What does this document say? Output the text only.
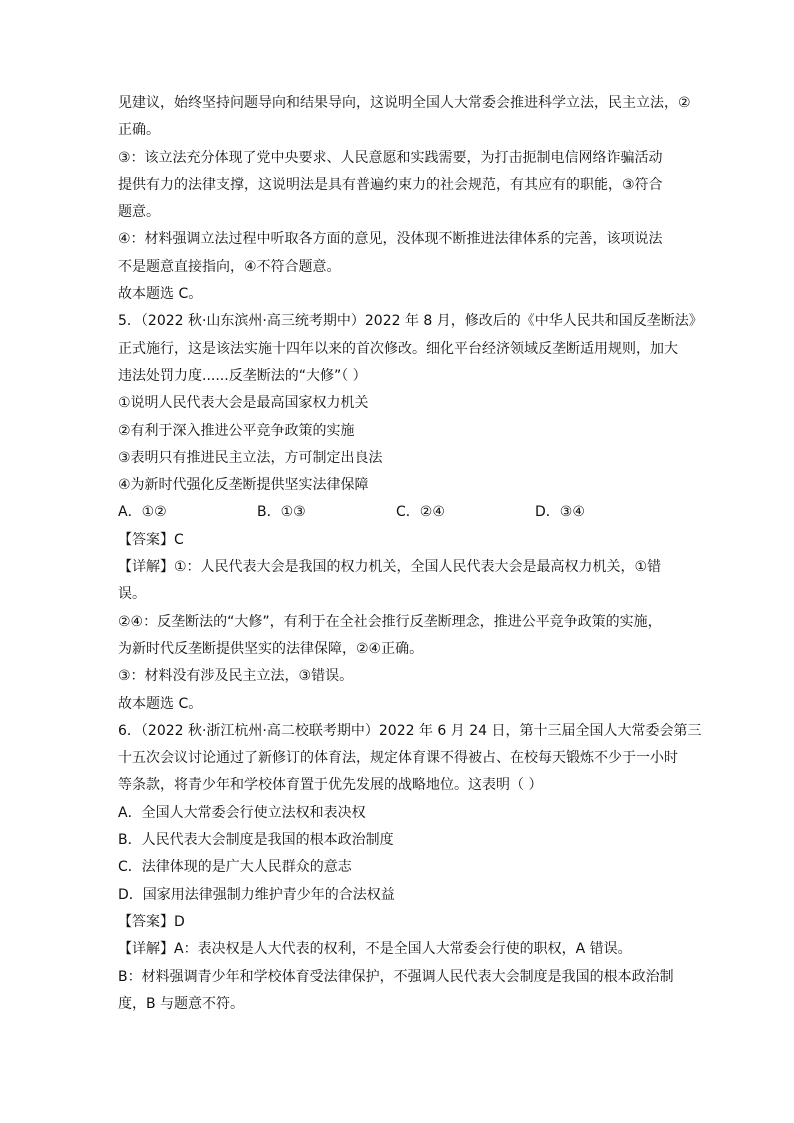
见建议，始终坚持问题导向和结果导向，这说明全国人大常委会推进科学立法，民主立法，②
正确。
③：该立法充分体现了党中央要求、人民意愿和实践需要，为打击扼制电信网络诈骗活动
提供有力的法律支撑，这说明法是具有普遍约束力的社会规范，有其应有的职能，③符合
题意。
④：材料强调立法过程中听取各方面的意见，没体现不断推进法律体系的完善，该项说法
不是题意直接指向，④不符合题意。
故本题选 C。
5．（2022 秋·山东滨州·高三统考期中）2022 年 8 月，修改后的《中华人民共和国反垄断法》
正式施行，这是该法实施十四年以来的首次修改。细化平台经济领域反垄断适用规则，加大
违法处罚力度......反垄断法的“大修”（ ）
①说明人民代表大会是最高国家权力机关
②有利于深入推进公平竞争政策的实施
③表明只有推进民主立法，方可制定出良法
④为新时代强化反垄断提供坚实法律保障
A．①②	B．①③	C．②④	D．③④
【答案】C
【详解】①：人民代表大会是我国的权力机关，全国人民代表大会是最高权力机关，①错
误。
②④：反垄断法的“大修”，有利于在全社会推行反垄断理念，推进公平竞争政策的实施，
为新时代反垄断提供坚实的法律保障，②④正确。
③：材料没有涉及民主立法，③错误。
故本题选 C。
6．（2022 秋·浙江杭州·高二校联考期中）2022 年 6 月 24 日，第十三届全国人大常委会第三
十五次会议讨论通过了新修订的体育法，规定体育课不得被占、在校每天锻炼不少于一小时
等条款，将青少年和学校体育置于优先发展的战略地位。这表明（ ）
A．全国人大常委会行使立法权和表决权
B．人民代表大会制度是我国的根本政治制度
C．法律体现的是广大人民群众的意志
D．国家用法律强制力维护青少年的合法权益
【答案】D
【详解】A：表决权是人大代表的权利，不是全国人大常委会行使的职权，A 错误。
B：材料强调青少年和学校体育受法律保护，不强调人民代表大会制度是我国的根本政治制
度，B 与题意不符。
